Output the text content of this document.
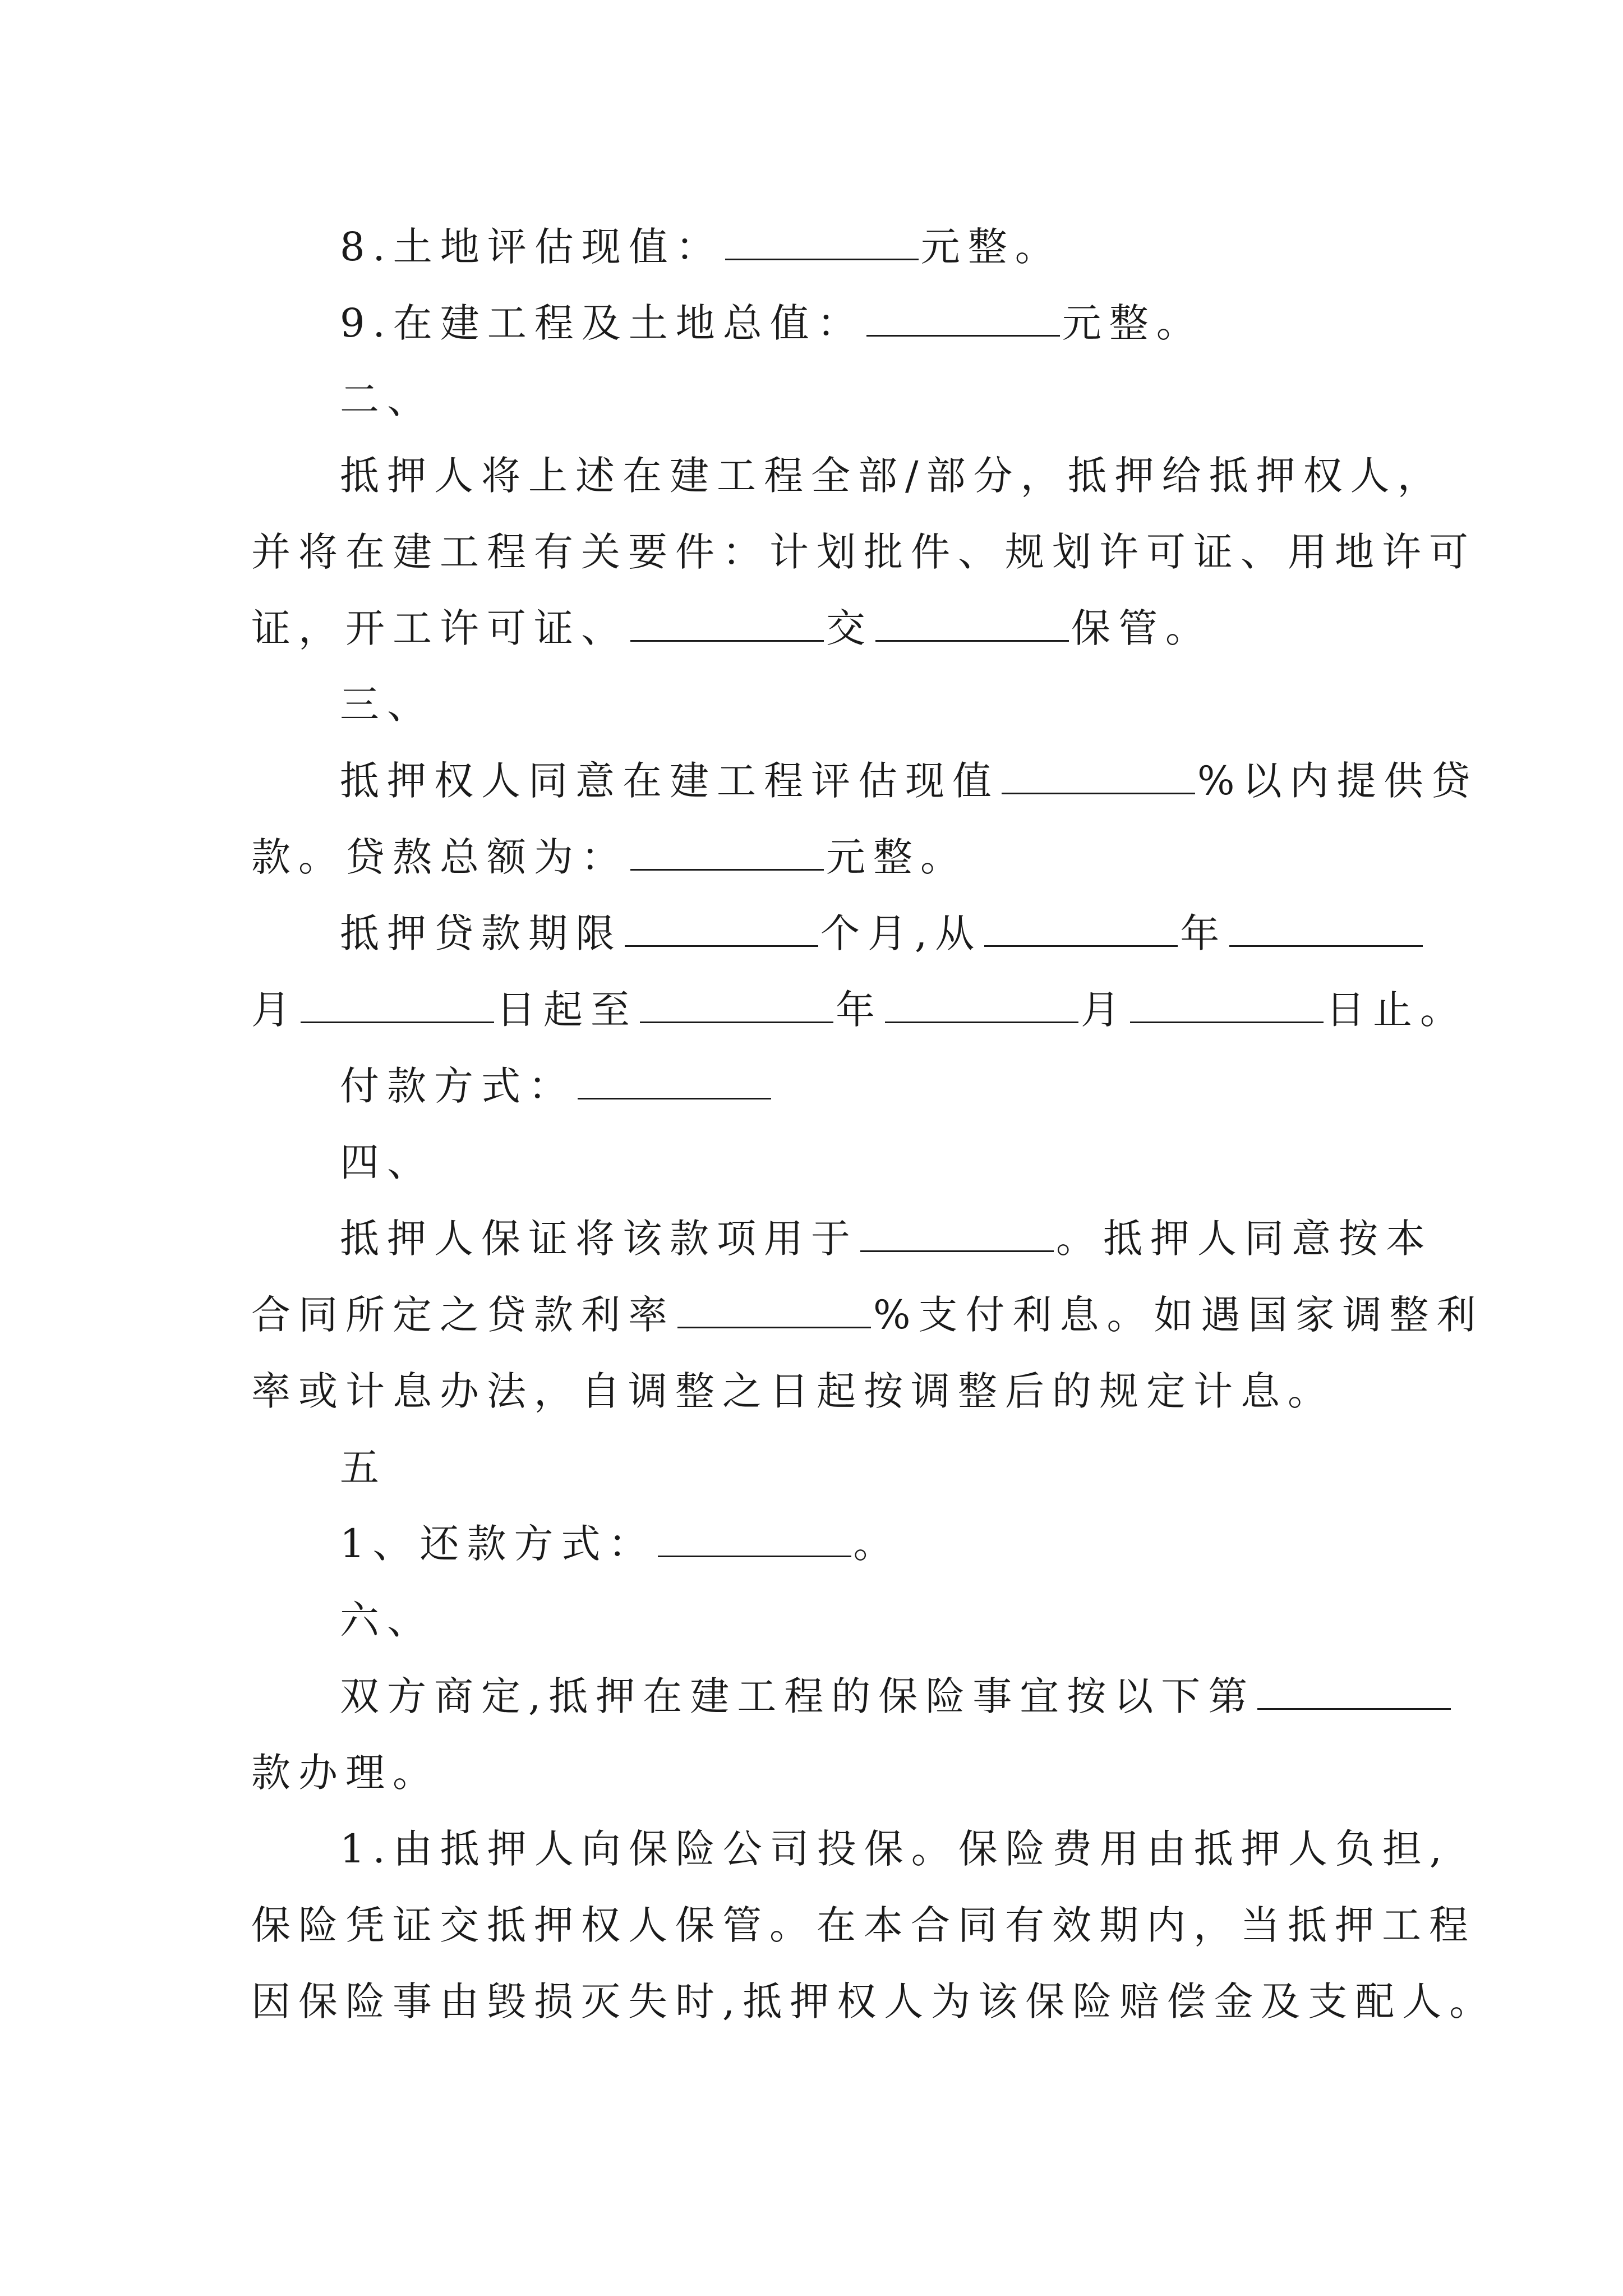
8.土地评估现值：	元整。
9.在建工程及土地总值：	元整。
二、
抵押人将上述在建工程全部/部分，抵押给抵押权人，
并将在建工程有关要件：计划批件、规划许可证、用地许可
证，开工许可证、	交	保管。
三、
抵押权人同意在建工程评估现值	%以内提供贷
款。贷熬总额为：	元整。
抵押贷款期限	个月,从	年
月	日起至	年	月	日止。
付款方式：
四、
抵押人保证将该款项用于	。抵押人同意按本
合同所定之贷款利率	%支付利息。如遇国家调整利
率或计息办法，自调整之日起按调整后的规定计息。
五
1、还款方式：	。
六、
双方商定,抵押在建工程的保险事宜按以下第
款办理。
1.由抵押人向保险公司投保。保险费用由抵押人负担,
保险凭证交抵押权人保管。在本合同有效期内，当抵押工程
因保险事由毁损灭失时,抵押权人为该保险赔偿金及支配人。
